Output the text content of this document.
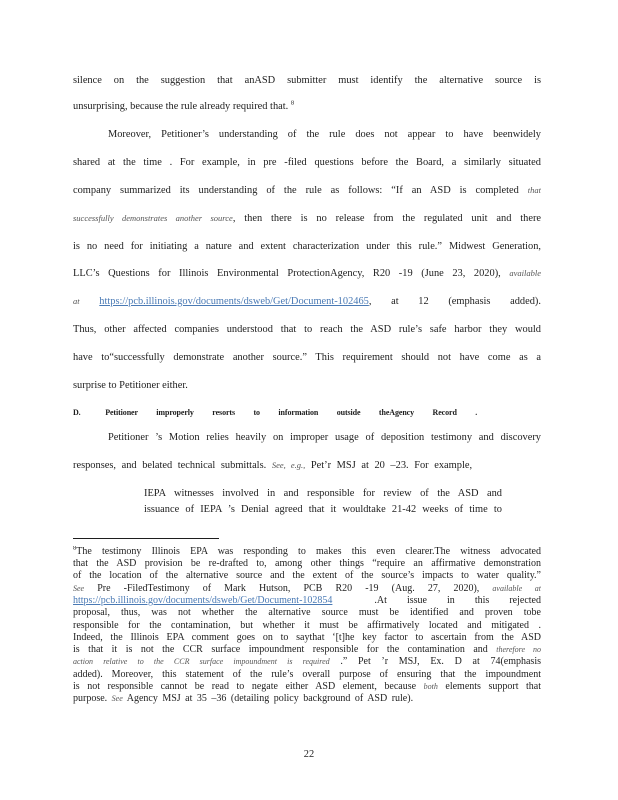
silence on the suggestion that anASD submitter must identify the alternative source is
unsurprising, because the rule already required that. $^8$
Moreover, Petitioner’s understanding of the rule does not appear to have beenwidely
shared at the time . For example, in pre -filed questions before the Board, a similarly situated
company summarized its understanding of the rule as follows: “If an ASD is completed that
successfully demonstrates another source, then there is no release from the regulated unit and there
is no need for initiating a nature and extent characterization under this rule.” Midwest Generation,
LLC’s Questions for Illinois Environmental ProtectionAgency, R20 -19 (June 23, 2020), available
at https://pcb.illinois.gov/documents/dsweb/Get/Document-102465, at 12 (emphasis added).
Thus, other affected companies understood that to reach the ASD rule’s safe harbor they would
have to“successfully demonstrate another source.” This requirement should not have come as a
surprise to Petitioner either.
D.	Petitioner improperly resorts to information outside theAgency Record .
Petitioner ’s Motion relies heavily on improper usage of deposition testimony and discovery
responses, and belated technical submittals. See, e.g., Pet’r MSJ at 20 –23. For example,
IEPA witnesses involved in and responsible for review of the ASD and
issuance of IEPA ’s Denial agreed that it wouldtake 21-42 weeks of time to
$^8$The testimony Illinois EPA was responding to makes this even clearer.The witness advocated
that the ASD provision be re-drafted to, among other things “require an affirmative demonstration
of the location of the alternative source and the extent of the source’s impacts to water quality.”
See Pre -FiledTestimony of Mark Hutson, PCB R20 -19 (Aug. 27, 2020), available at
https://pcb.illinois.gov/documents/dsweb/Get/Document-102854	.At issue in this rejected
proposal, thus, was not whether the alternative source must be identified and proven tobe
responsible for the contamination, but whether it must be affirmatively located and mitigated .
Indeed, the Illinois EPA comment goes on to saythat ‘[t]he key factor to ascertain from the ASD
is that it is not the CCR surface impoundment responsible for the contamination and therefore no
action relative to the CCR surface impoundment is required .” Pet ’r MSJ, Ex. D at 74(emphasis
added). Moreover, this statement of the rule’s overall purpose of ensuring that the impoundment
is not responsible cannot be read to negate either ASD element, because both elements support that
purpose. See Agency MSJ at 35 –36 (detailing policy background of ASD rule).
22
